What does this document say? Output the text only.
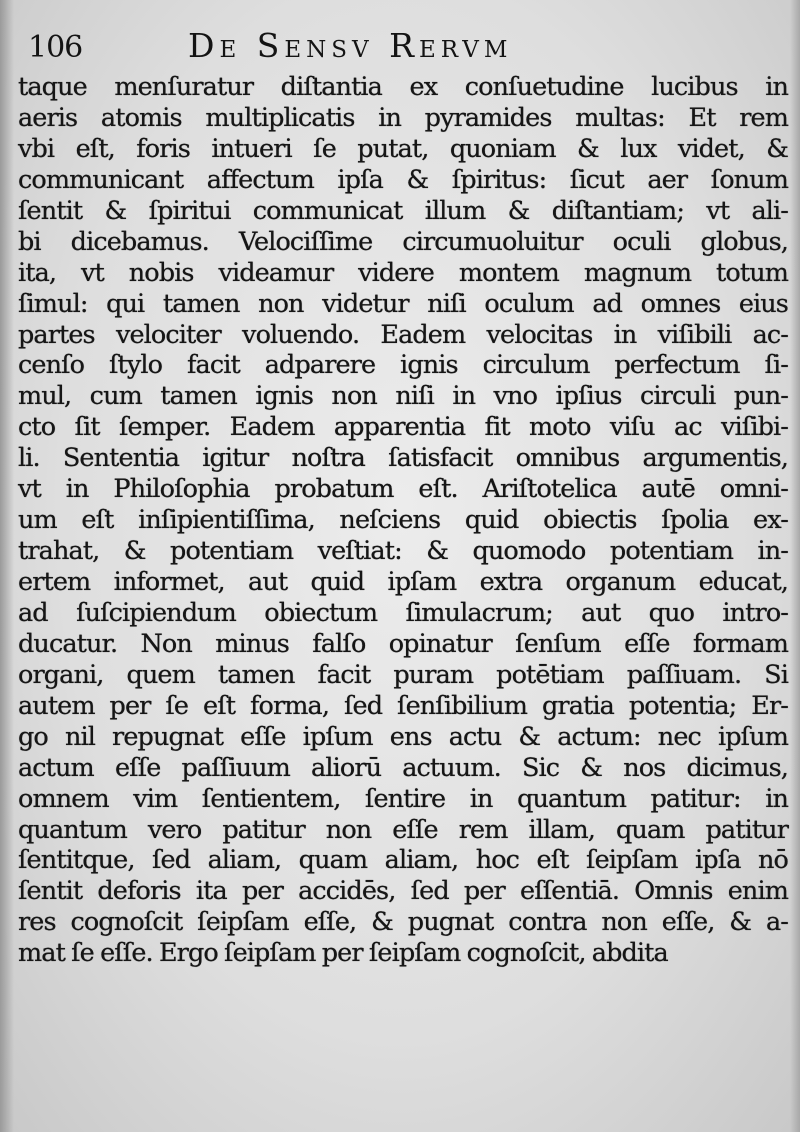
106	De Sensv Rervm
taque menſuratur diſtantia ex conſuetudine lucibus in
aeris atomis multiplicatis in pyramides multas: Et rem
vbi eſt, foris intueri ſe putat, quoniam & lux videt, &
communicant affectum ipſa & ſpiritus: ſicut aer ſonum
ſentit & ſpiritui communicat illum & diſtantiam; vt ali-
bi dicebamus. Velociſſime circumuoluitur oculi globus,
ita, vt nobis videamur videre montem magnum totum
ſimul: qui tamen non videtur niſi oculum ad omnes eius
partes velociter voluendo. Eadem velocitas in viſibili ac-
cenſo ſtylo facit adparere ignis circulum perfectum ſi-
mul, cum tamen ignis non niſi in vno ipſius circuli pun-
cto ſit ſemper. Eadem apparentia fit moto viſu ac viſibi-
li. Sententia igitur noſtra ſatisfacit omnibus argumentis,
vt in Philoſophia probatum eſt. Ariſtotelica autē omni-
um eſt inſipientiſſima, neſciens quid obiectis ſpolia ex-
trahat, & potentiam veſtiat: & quomodo potentiam in-
ertem informet, aut quid ipſam extra organum educat,
ad ſuſcipiendum obiectum ſimulacrum; aut quo intro-
ducatur. Non minus falſo opinatur ſenſum eſſe formam
organi, quem tamen facit puram potētiam paſſiuam. Si
autem per ſe eſt forma, ſed ſenſibilium gratia potentia; Er-
go nil repugnat eſſe ipſum ens actu & actum: nec ipſum
actum eſſe paſſiuum aliorū actuum. Sic & nos dicimus,
omnem vim ſentientem, ſentire in quantum patitur: in
quantum vero patitur non eſſe rem illam, quam patitur
ſentitque, ſed aliam, quam aliam, hoc eſt ſeipſam ipſa nō
ſentit deforis ita per accidēs, ſed per eſſentiā. Omnis enim
res cognoſcit ſeipſam eſſe, & pugnat contra non eſſe, & a-
mat ſe eſſe. Ergo ſeipſam per ſeipſam cognoſcit, abdita
